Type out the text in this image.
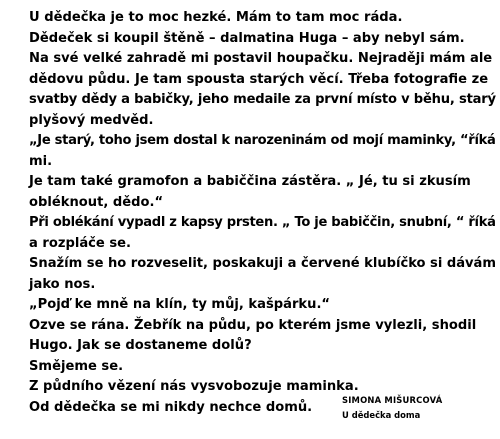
U dědečka je to moc hezké. Mám to tam moc ráda.
Dědeček si koupil štěně – dalmatina Huga – aby nebyl sám.
Na své velké zahradě mi postavil houpačku. Nejraději mám ale
dědovu půdu. Je tam spousta starých věcí. Třeba fotografie ze
svatby dědy a babičky, jeho medaile za první místo v běhu, starý
plyšový medvěd.
„Je starý, toho jsem dostal k narozeninám od mojí maminky, “říká
mi.
Je tam také gramofon a babiččina zástěra. „ Jé, tu si zkusím
obléknout, dědo.“
Při oblékání vypadl z kapsy prsten. „ To je babiččin, snubní, “ říká
a rozpláče se.
Snažím se ho rozveselit, poskakuji a červené klubíčko si dávám
jako nos.
„Pojď ke mně na klín, ty můj, kašpárku.“
Ozve se rána. Žebřík na půdu, po kterém jsme vylezli, shodil
Hugo. Jak se dostaneme dolů?
Smějeme se.
Z půdního vězení nás vysvobozuje maminka.
Od dědečka se mi nikdy nechce domů.	SIMONA MIŠURCOVÁ
U dědečka doma
